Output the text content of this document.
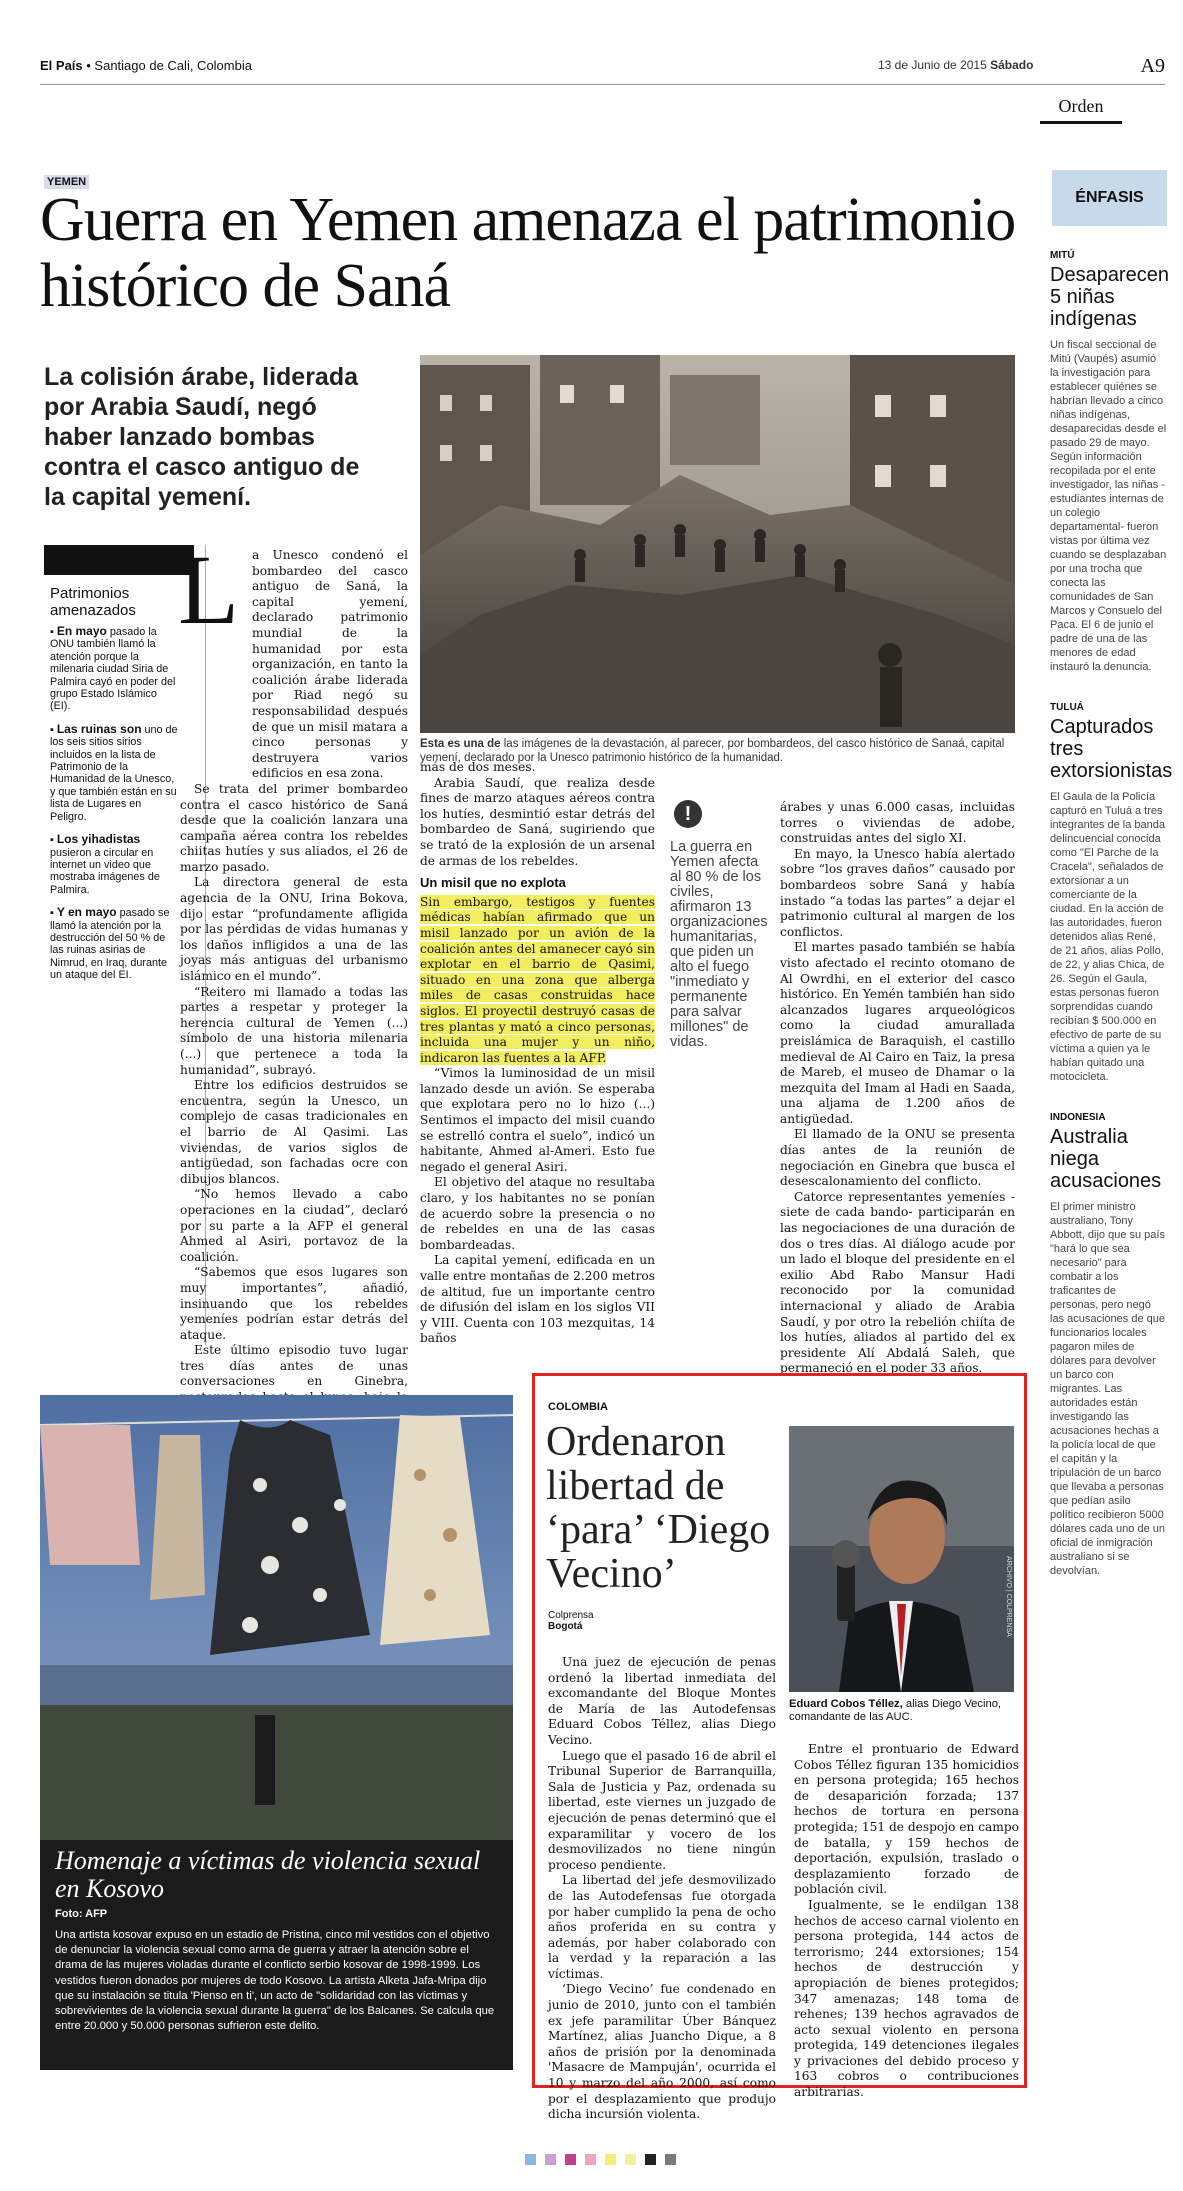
El País • Santiago de Cali, Colombia	13 de Junio de 2015 Sábado	A9
Orden
YEMEN
Guerra en Yemen amenaza el patrimonio histórico de Saná
La colisión árabe, liderada por Arabia Saudí, negó haber lanzado bombas contra el casco antiguo de la capital yemení.
Esta es una de las imágenes de la devastación, al parecer, por bombardeos, del casco histórico de Sanaá, capital yemení, declarado por la Unesco patrimonio histórico de la humanidad.
Patrimonios amenazados
▪ En mayo pasado la ONU también llamó la atención porque la milenaria ciudad Siria de Palmira cayó en poder del grupo Estado Islámico (EI).
▪ Las ruinas son uno de los seis sitios sirios incluidos en la lista de Patrimonio de la Humanidad de la Unesco, y que también están en su lista de Lugares en Peligro.
▪ Los yihadistas pusieron a circular en internet un video que mostraba imágenes de Palmira.
▪ Y en mayo pasado se llamó la atención por la destrucción del 50 % de las ruinas asirias de Nimrud, en Iraq, durante un ataque del EI.
L	a Unesco condenó el bombardeo del casco antiguo de Saná, la capital yemení, declarado patrimonio mundial de la humanidad por esta organización, en tanto la coalición árabe liderada por Riad negó su responsabilidad después de que un misil matara a cinco personas y destruyera varios edificios en esa zona.

Se trata del primer bombardeo contra el casco histórico de Saná desde que la coalición lanzara una campaña aérea contra los rebeldes chiitas hutíes y sus aliados, el 26 de marzo pasado.

La directora general de esta agencia de la ONU, Irina Bokova, dijo estar “profundamente afligida por las pérdidas de vidas humanas y los daños infligidos a una de las joyas más antiguas del urbanismo islámico en el mundo”.

“Reitero mi llamado a todas las partes a respetar y proteger la herencia cultural de Yemen (...) símbolo de una historia milenaria (...) que pertenece a toda la humanidad”, subrayó.

Entre los edificios destruidos se encuentra, según la Unesco, un complejo de casas tradicionales en el barrio de Al Qasimi. Las viviendas, de varios siglos de antigüedad, son fachadas ocre con dibujos blancos.

“No hemos llevado a cabo operaciones en la ciudad”, declaró por su parte a la AFP el general Ahmed al Asiri, portavoz de la coalición.

“Sabemos que esos lugares son muy importantes”, añadió, insinuando que los rebeldes yemeníes podrían estar detrás del ataque.

Este último episodio tuvo lugar tres días antes de unas conversaciones en Ginebra,

más de dos meses.

Arabia Saudí, que realiza desde fines de marzo ataques aéreos contra los hutíes, desmintió estar detrás del bombardeo de Saná, sugiriendo que se trató de la explosión de un arsenal de armas de los rebeldes.

Un misil que no explota

Sin embargo, testigos y fuentes médicas habían afirmado que un misil lanzado por un avión de la coalición antes del amanecer cayó sin explotar en el barrio de Qasimi, situado en una zona que alberga miles de casas construidas hace siglos. El proyectil destruyó casas de tres plantas y mató a cinco personas, incluida una mujer y un niño, indicaron las fuentes a la AFP.

“Vimos la luminosidad de un misil lanzado desde un avión. Se esperaba que explotara pero no lo hizo (...) Sentimos el impacto del misil cuando se estrelló contra el suelo”, indicó un habitante, Ahmed al-Ameri. Esto fue negado el general Asiri.

El objetivo del ataque no resultaba claro, y los habitantes no se ponían de acuerdo sobre la presencia o no de rebeldes en una de las casas bombardeadas.

La capital yemení, edificada en un valle entre montañas de 2.200 metros de altitud, fue un importante centro de difusión del islam en los siglos VII y VIII. Cuenta con 103 mezquitas, 14 baños

!
La guerra en Yemen afecta al 80 % de los civiles, afirmaron 13 organizaciones humanitarias, que piden un alto el fuego "inmediato y permanente para salvar millones" de vidas.

árabes y unas 6.000 casas, incluidas torres o viviendas de adobe, construidas antes del siglo XI.

En mayo, la Unesco había alertado sobre “los graves daños” causado por bombardeos sobre Saná y había instado “a todas las partes” a dejar el patrimonio cultural al margen de los conflictos.

El martes pasado también se había visto afectado el recinto otomano de Al Owrdhi, en el exterior del casco histórico. En Yemén también han sido alcanzados lugares arqueológicos como la ciudad amurallada preislámica de Baraquish, el castillo medieval de Al Cairo en Taiz, la presa de Mareb, el museo de Dhamar o la mezquita del Imam al Hadi en Saada, una aljama de 1.200 años de antigüedad.

El llamado de la ONU se presenta días antes de la reunión de negociación en Ginebra que busca el desescalonamiento del conflicto.

Catorce representantes yemeníes -siete de cada bando- participarán en las negociaciones de una duración de dos o tres días. Al diálogo acude por un lado el bloque del presidente en el exilio Abd Rabo Mansur Hadi reconocido por la comunidad internacional y aliado de Arabia Saudí, y por otro la rebelión chiíta de los hutíes, aliados al partido del ex presidente Alí Abdalá Saleh, que permaneció en el poder 33 años.

ÉNFASIS
MITÚ
Desaparecen 5 niñas indígenas
Un fiscal seccional de Mitú (Vaupés) asumió la investigación para establecer quiénes se habrían llevado a cinco niñas indígenas, desaparecidas desde el pasado 29 de mayo. Según información recopilada por el ente investigador, las niñas -estudiantes internas de un colegio departamental- fueron vistas por última vez cuando se desplazaban por una trocha que conecta las comunidades de San Marcos y Consuelo del Paca. El 6 de junio el padre de una de las menores de edad instauró la denuncia.
TULUÁ
Capturados tres extorsionistas
El Gaula de la Policía capturó en Tuluá a tres integrantes de la banda delincuencial conocida como "El Parche de la Cracela", señalados de extorsionar a un comerciante de la ciudad. En la acción de las autoridades, fueron detenidos alias René, de 21 años, alias Pollo, de 22, y alias Chica, de 26. Según el Gaula, estas personas fueron sorprendidas cuando recibían $ 500.000 en efectivo de parte de su víctima a quien ya le habían quitado una motocicleta.
INDONESIA
Australia niega acusaciones
El primer ministro australiano, Tony Abbott, dijo que su país "hará lo que sea necesario" para combatir a los traficantes de personas, pero negó las acusaciones de que funcionarios locales pagaron miles de dólares para devolver un barco con migrantes. Las autoridades están investigando las acusaciones hechas a la policía local de que el capitán y la tripulación de un barco que llevaba a personas que pedían asilo político recibieron 5000 dólares cada uno de un oficial de inmigración australiano si se devolvían.
Homenaje a víctimas de violencia sexual en Kosovo
Foto: AFP
Una artista kosovar expuso en un estadio de Pristina, cinco mil vestidos con el objetivo de denunciar la violencia sexual como arma de guerra y atraer la atención sobre el drama de las mujeres violadas durante el conflicto serbio kosovar de 1998-1999. Los vestidos fueron donados por mujeres de todo Kosovo. La artista Alketa Jafa-Mripa dijo que su instalación se titula 'Pienso en ti', un acto de "solidaridad con las víctimas y sobrevivientes de la violencia sexual durante la guerra" de los Balcanes. Se calcula que entre 20.000 y 50.000 personas sufrieron este delito.
COLOMBIA
Ordenaron libertad de ‘para’ ‘Diego Vecino’
Colprensa
Bogotá	ARCHIVO | COLPRENSA
Eduard Cobos Téllez, alias Diego Vecino, comandante de las AUC.

Una juez de ejecución de penas ordenó la libertad inmediata del excomandante del Bloque Montes de María de las Autodefensas Eduard Cobos Téllez, alias Diego Vecino.

Luego que el pasado 16 de abril el Tribunal Superior de Barranquilla, Sala de Justicia y Paz, ordenada su libertad, este viernes un juzgado de ejecución de penas determinó que el exparamilitar y vocero de los desmovilizados no tiene ningún proceso pendiente.

La libertad del jefe desmovilizado de las Autodefensas fue otorgada por haber cumplido la pena de ocho años proferida en su contra y además, por haber colaborado con la verdad y la reparación a las víctimas.

‘Diego Vecino’ fue condenado en junio de 2010, junto con el también ex jefe paramilitar Úber Bánquez Martínez, alias Juancho Dique, a 8 años de prisión por la denominada 'Masacre de Mampuján', ocurrida el 10 y marzo del año 2000, así como por el desplazamiento que produjo dicha incursión violenta.

Entre el prontuario de Edward Cobos Téllez figuran 135 homicidios en persona protegida; 165 hechos de desaparición forzada; 137 hechos de tortura en persona protegida; 151 de despojo en campo de batalla, y 159 hechos de deportación, expulsión, traslado o desplazamiento forzado de población civil.

Igualmente, se le endilgan 138 hechos de acceso carnal violento en persona protegida, 144 actos de terrorismo; 244 extorsiones; 154 hechos de destrucción y apropiación de bienes protegidos; 347 amenazas; 148 toma de rehenes; 139 hechos agravados de acto sexual violento en persona protegida, 149 detenciones ilegales y privaciones del debido proceso y 163 cobros o contribuciones arbitrarias.
